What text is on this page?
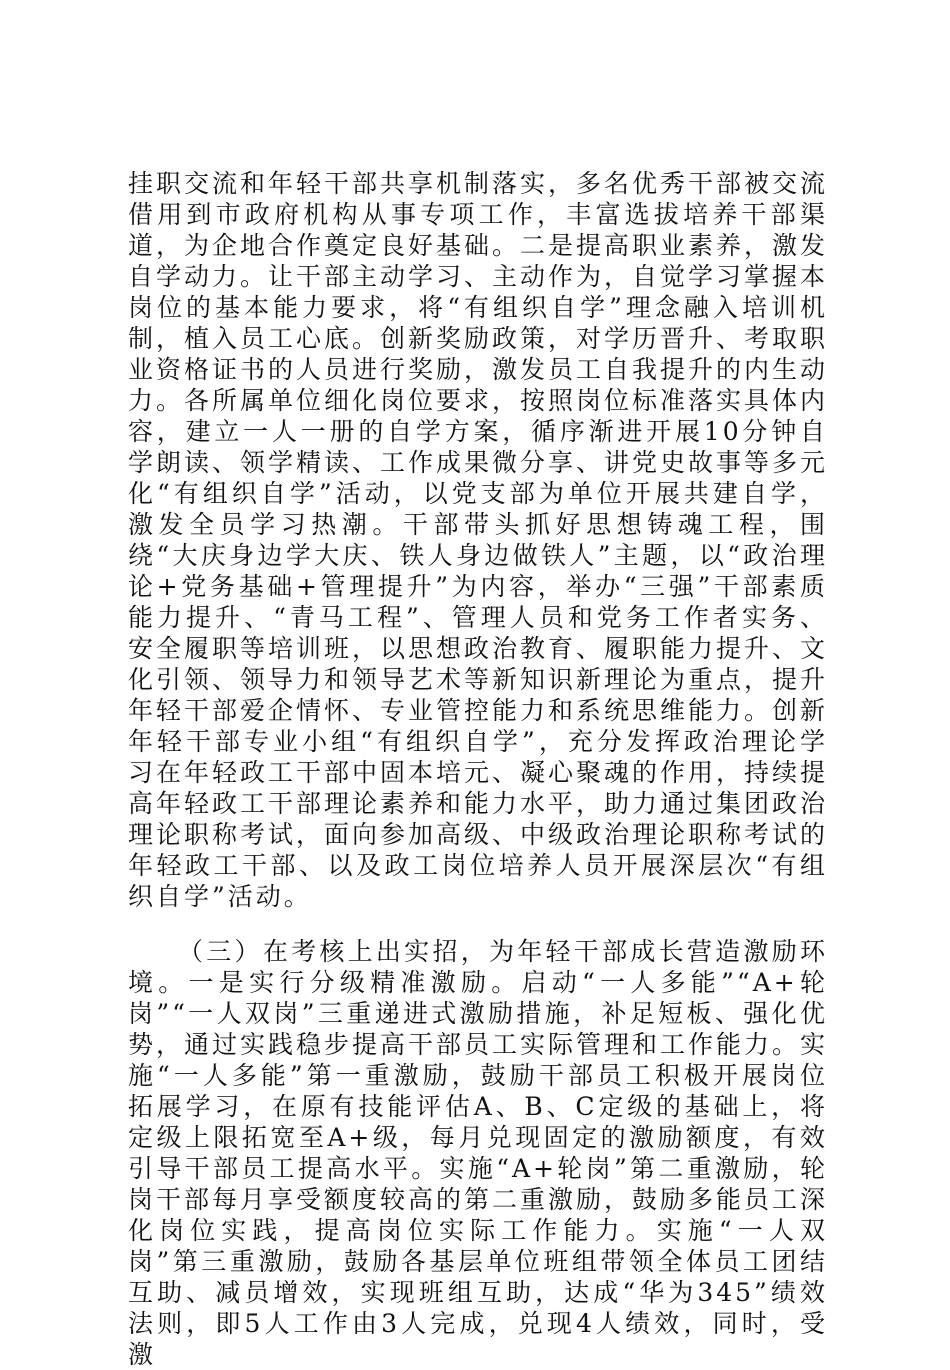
挂职交流和年轻干部共享机制落实，多名优秀干部被交流借用到市政府机构从事专项工作，丰富选拔培养干部渠道，为企地合作奠定良好基础。二是提高职业素养，激发自学动力。让干部主动学习、主动作为，自觉学习掌握本岗位的基本能力要求，将“有组织自学”理念融入培训机制，植入员工心底。创新奖励政策，对学历晋升、考取职业资格证书的人员进行奖励，激发员工自我提升的内生动力。各所属单位细化岗位要求，按照岗位标准落实具体内容，建立一人一册的自学方案，循序渐进开展10分钟自学朗读、领学精读、工作成果微分享、讲党史故事等多元化“有组织自学”活动，以党支部为单位开展共建自学，激发全员学习热潮。干部带头抓好思想铸魂工程，围绕“大庆身边学大庆、铁人身边做铁人”主题，以“政治理论+党务基础+管理提升”为内容，举办“三强”干部素质能力提升、“青马工程”、管理人员和党务工作者实务、安全履职等培训班，以思想政治教育、履职能力提升、文化引领、领导力和领导艺术等新知识新理论为重点，提升年轻干部爱企情怀、专业管控能力和系统思维能力。创新年轻干部专业小组“有组织自学”，充分发挥政治理论学习在年轻政工干部中固本培元、凝心聚魂的作用，持续提高年轻政工干部理论素养和能力水平，助力通过集团政治理论职称考试，面向参加高级、中级政治理论职称考试的年轻政工干部、以及政工岗位培养人员开展深层次“有组织自学”活动。

（三）在考核上出实招，为年轻干部成长营造激励环境。一是实行分级精准激励。启动“一人多能”“A+轮岗”“一人双岗”三重递进式激励措施，补足短板、强化优势，通过实践稳步提高干部员工实际管理和工作能力。实施“一人多能”第一重激励，鼓励干部员工积极开展岗位拓展学习，在原有技能评估A、B、C定级的基础上，将定级上限拓宽至A+级，每月兑现固定的激励额度，有效引导干部员工提高水平。实施“A+轮岗”第二重激励，轮岗干部每月享受额度较高的第二重激励，鼓励多能员工深化岗位实践，提高岗位实际工作能力。实施“一人双岗”第三重激励，鼓励各基层单位班组带领全体员工团结互助、减员增效，实现班组互助，达成“华为345”绩效法则，即5人工作由3人完成，兑现4人绩效，同时，受激
